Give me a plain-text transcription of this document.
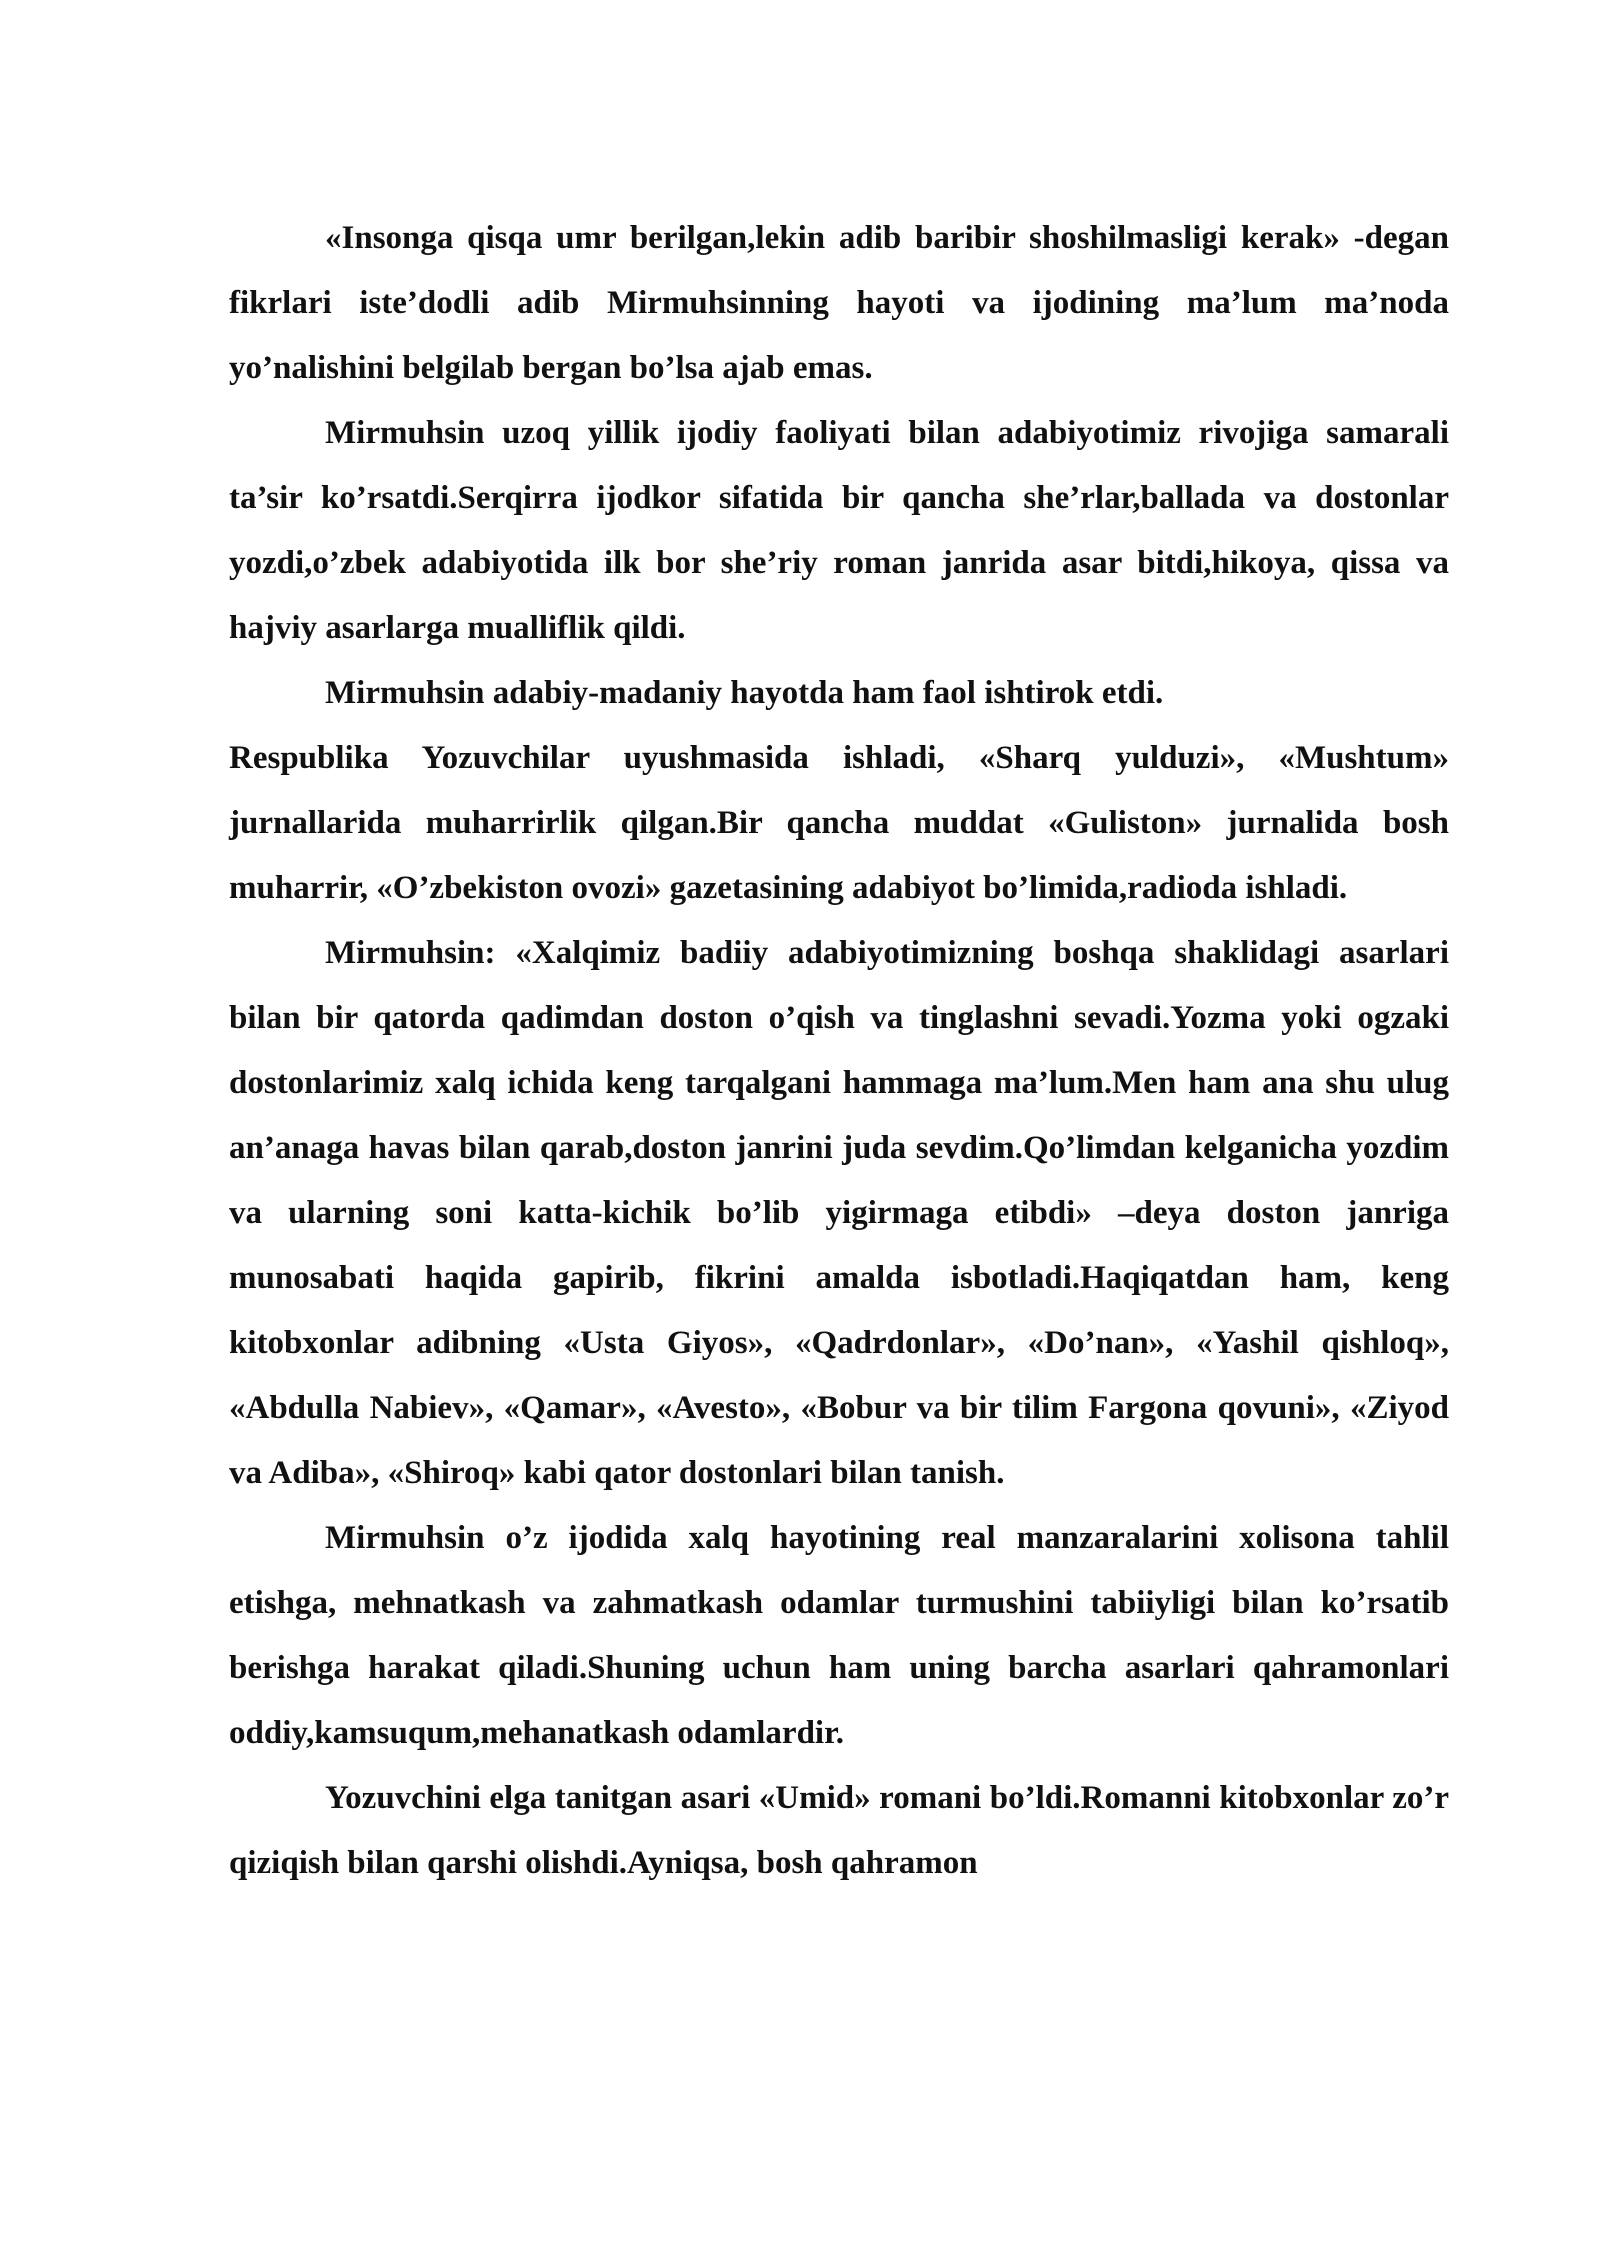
«Insonga qisqa umr berilgan,lekin adib baribir shoshilmasligi kerak» -degan fikrlari iste’dodli adib Mirmuhsinning hayoti va ijodining ma’lum ma’noda yo’nalishini belgilab bergan bo’lsa ajab emas.

Mirmuhsin uzoq yillik ijodiy faoliyati bilan adabiyotimiz rivojiga samarali ta’sir ko’rsatdi.Serqirra ijodkor sifatida bir qancha she’rlar,ballada va dostonlar yozdi,o’zbek adabiyotida ilk bor she’riy roman janrida asar bitdi,hikoya, qissa va hajviy asarlarga mualliflik qildi.

Mirmuhsin adabiy-madaniy hayotda ham faol ishtirok etdi.

Respublika Yozuvchilar uyushmasida ishladi, «Sharq yulduzi», «Mushtum» jurnallarida muharrirlik qilgan.Bir qancha muddat «Guliston» jurnalida bosh muharrir, «O’zbekiston ovozi» gazetasining adabiyot bo’limida,radioda ishladi.

Mirmuhsin: «Xalqimiz badiiy adabiyotimizning boshqa shaklidagi asarlari bilan bir qatorda qadimdan doston o’qish va tinglashni sevadi.Yozma yoki ogzaki dostonlarimiz xalq ichida keng tarqalgani hammaga ma’lum.Men ham ana shu ulug an’anaga havas bilan qarab,doston janrini juda sevdim.Qo’limdan kelganicha yozdim va ularning soni katta-kichik bo’lib yigirmaga etibdi» –deya doston janriga munosabati haqida gapirib, fikrini amalda isbotladi.Haqiqatdan ham, keng kitobxonlar adibning «Usta Giyos», «Qadrdonlar», «Do’nan», «Yashil qishloq», «Abdulla Nabiev», «Qamar», «Avesto», «Bobur va bir tilim Fargona qovuni», «Ziyod va Adiba», «Shiroq» kabi qator dostonlari bilan tanish.

Mirmuhsin o’z ijodida xalq hayotining real manzaralarini xolisona tahlil etishga, mehnatkash va zahmatkash odamlar turmushini tabiiyligi bilan ko’rsatib berishga harakat qiladi.Shuning uchun ham uning barcha asarlari qahramonlari oddiy,kamsuqum,mehanatkash odamlardir.

Yozuvchini elga tanitgan asari «Umid» romani bo’ldi.Romanni kitobxonlar zo’r qiziqish bilan qarshi olishdi.Ayniqsa, bosh qahramon
